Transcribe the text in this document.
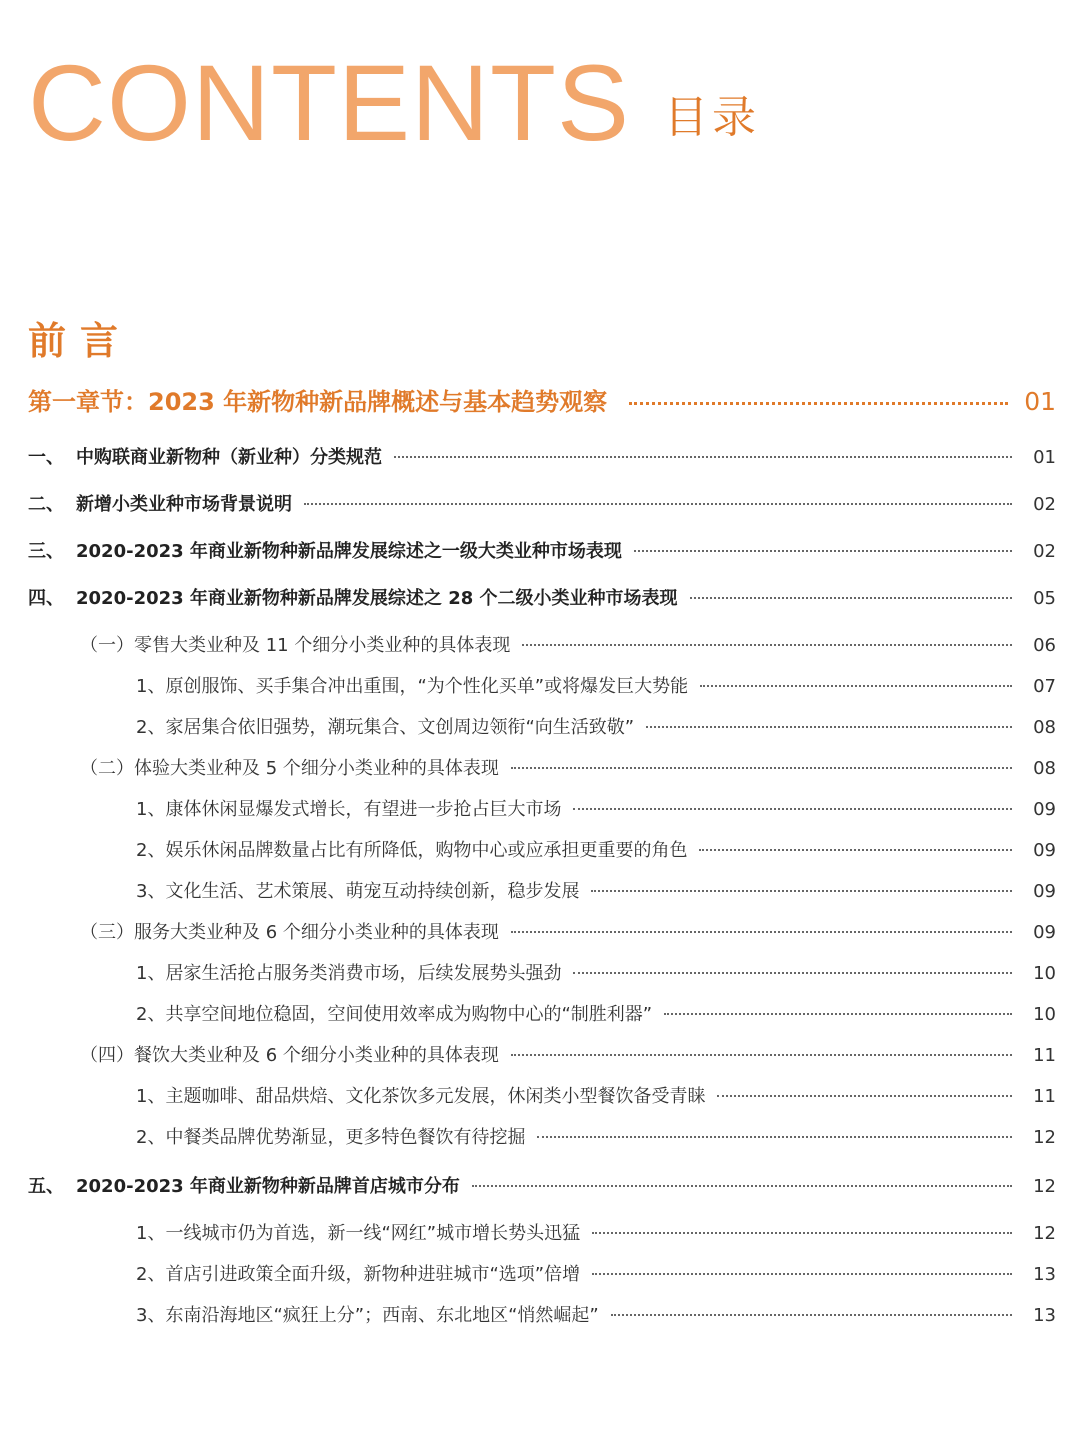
CONTENTS 目录
前言
第一章节：2023 年新物种新品牌概述与基本趋势观察	01
一、 中购联商业新物种（新业种）分类规范	01
二、 新增小类业种市场背景说明	02
三、 2020-2023 年商业新物种新品牌发展综述之一级大类业种市场表现	02
四、 2020-2023 年商业新物种新品牌发展综述之 28 个二级小类业种市场表现	05
（一） 零售大类业种及 11 个细分小类业种的具体表现	06
1、 原创服饰、买手集合冲出重围，“为个性化买单”或将爆发巨大势能	07
2、 家居集合依旧强势，潮玩集合、文创周边领衔“向生活致敬”	08
（二） 体验大类业种及 5 个细分小类业种的具体表现	08
1、 康体休闲显爆发式增长，有望进一步抢占巨大市场	09
2、 娱乐休闲品牌数量占比有所降低，购物中心或应承担更重要的角色	09
3、 文化生活、艺术策展、萌宠互动持续创新，稳步发展	09
（三） 服务大类业种及 6 个细分小类业种的具体表现	09
1、 居家生活抢占服务类消费市场，后续发展势头强劲	10
2、 共享空间地位稳固，空间使用效率成为购物中心的“制胜利器”	10
（四） 餐饮大类业种及 6 个细分小类业种的具体表现	11
1、 主题咖啡、甜品烘焙、文化茶饮多元发展，休闲类小型餐饮备受青睐	11
2、 中餐类品牌优势渐显，更多特色餐饮有待挖掘	12
五、 2020-2023 年商业新物种新品牌首店城市分布	12
1、 一线城市仍为首选，新一线“网红”城市增长势头迅猛	12
2、 首店引进政策全面升级，新物种进驻城市“选项”倍增	13
3、 东南沿海地区“疯狂上分”；西南、东北地区“悄然崛起”	13
